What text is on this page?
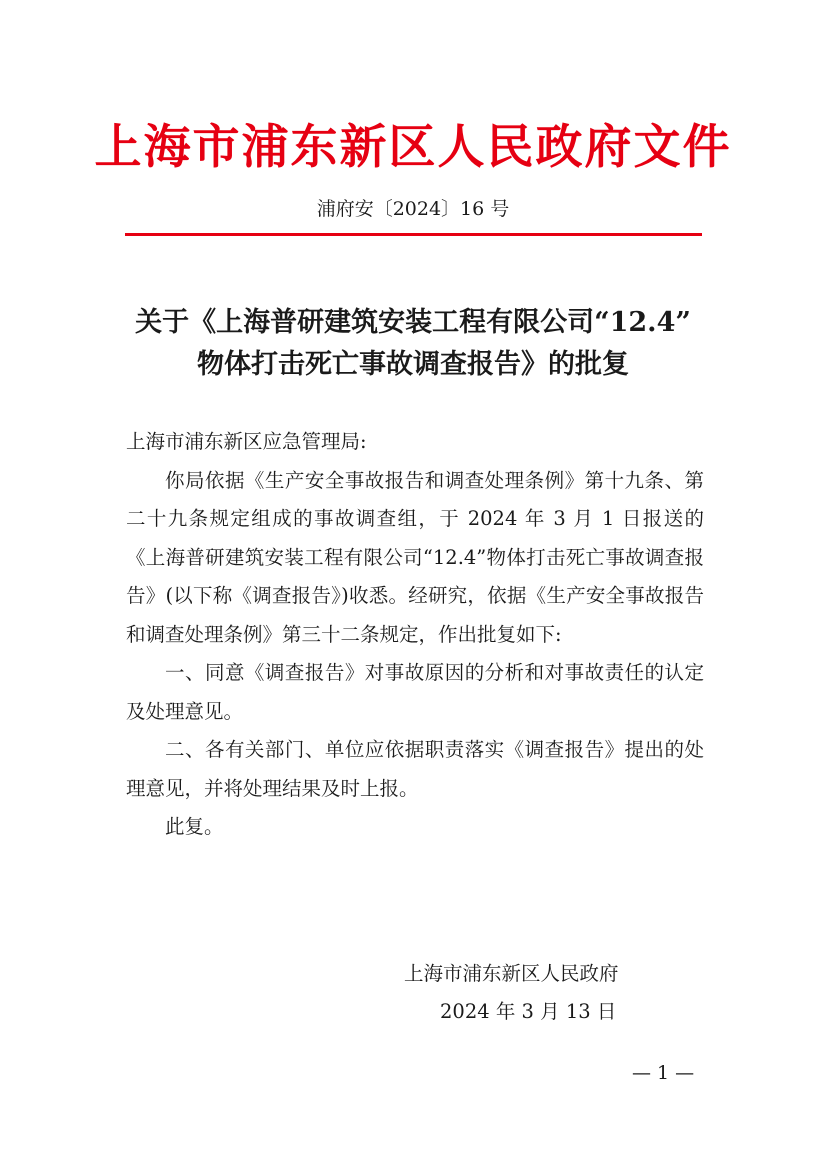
上海市浦东新区人民政府文件
浦府安〔2024〕16 号
关于《上海普研建筑安装工程有限公司“12.4”
物体打击死亡事故调查报告》的批复

上海市浦东新区应急管理局:

你局依据《生产安全事故报告和调查处理条例》第十九条、第二十九条规定组成的事故调查组，于 2024 年 3 月 1 日报送的《上海普研建筑安装工程有限公司“12.4”物体打击死亡事故调查报告》(以下称《调查报告》)收悉。经研究，依据《生产安全事故报告和调查处理条例》第三十二条规定，作出批复如下:

一、同意《调查报告》对事故原因的分析和对事故责任的认定及处理意见。

二、各有关部门、单位应依据职责落实《调查报告》提出的处理意见，并将处理结果及时上报。

此复。

上海市浦东新区人民政府
2024 年 3 月 13 日
— 1 —
